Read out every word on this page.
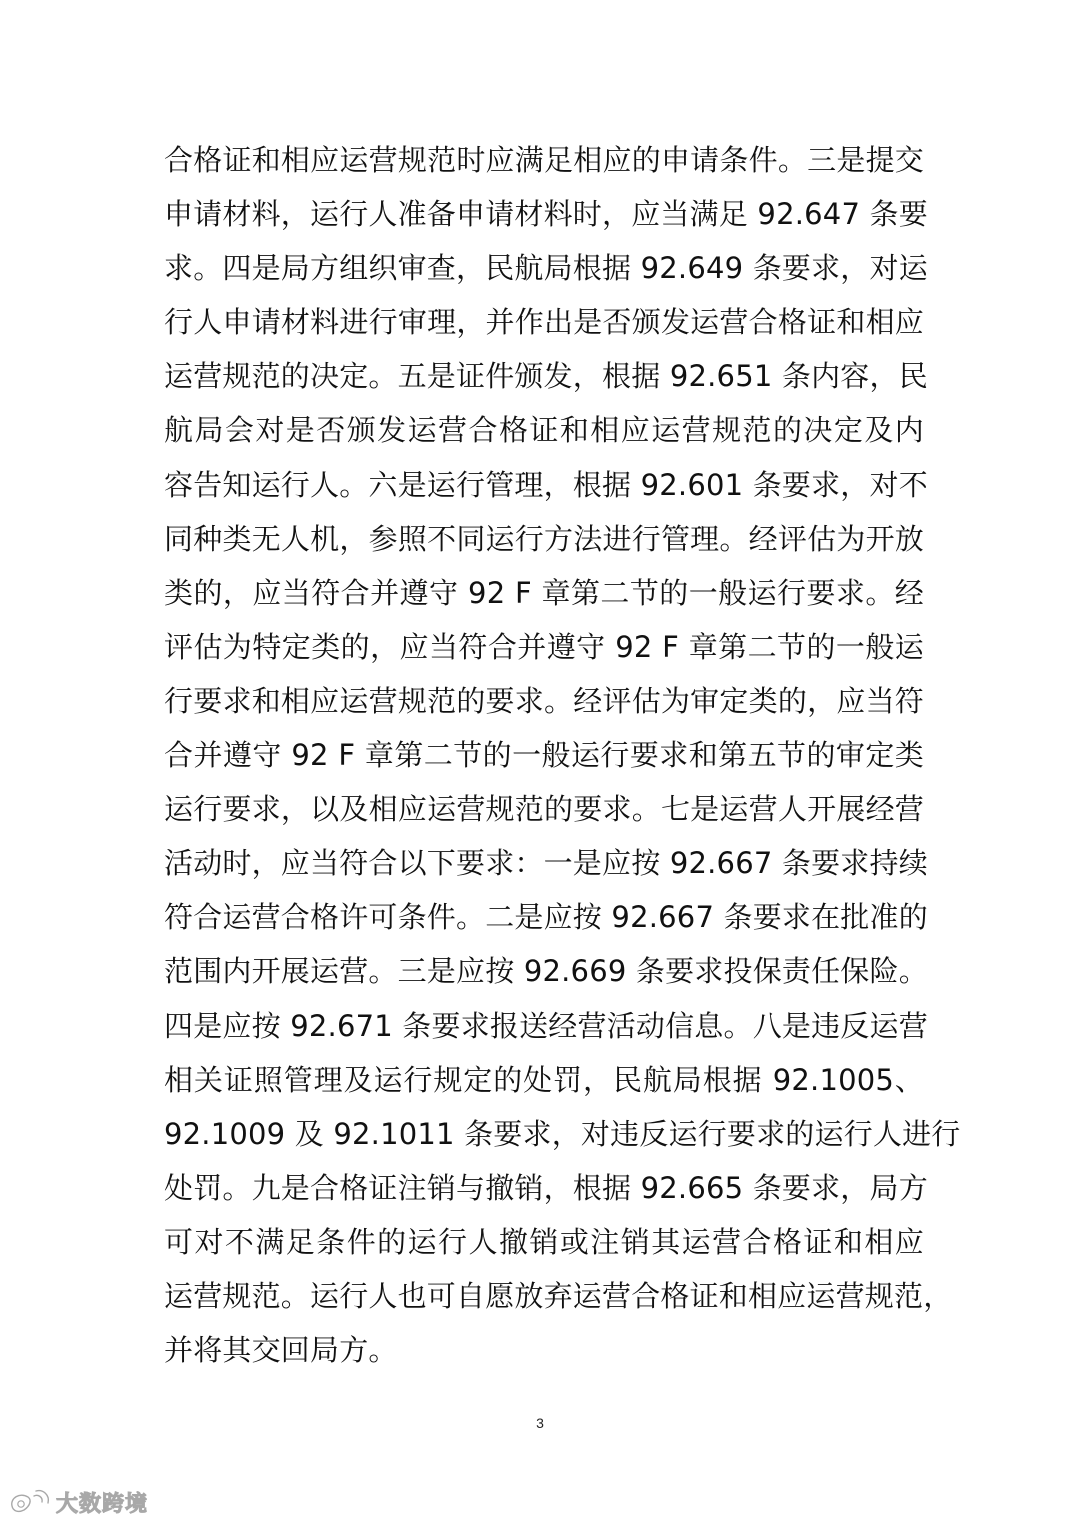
合格证和相应运营规范时应满足相应的申请条件。三是提交
申请材料，运行人准备申请材料时，应当满足 92.647 条要
求。四是局方组织审查，民航局根据 92.649 条要求，对运
行人申请材料进行审理，并作出是否颁发运营合格证和相应
运营规范的决定。五是证件颁发，根据 92.651 条内容，民
航局会对是否颁发运营合格证和相应运营规范的决定及内
容告知运行人。六是运行管理，根据 92.601 条要求，对不
同种类无人机，参照不同运行方法进行管理。经评估为开放
类的，应当符合并遵守 92 F 章第二节的一般运行要求。经
评估为特定类的，应当符合并遵守 92 F 章第二节的一般运
行要求和相应运营规范的要求。经评估为审定类的，应当符
合并遵守 92 F 章第二节的一般运行要求和第五节的审定类
运行要求，以及相应运营规范的要求。七是运营人开展经营
活动时，应当符合以下要求：一是应按 92.667 条要求持续
符合运营合格许可条件。二是应按 92.667 条要求在批准的
范围内开展运营。三是应按 92.669 条要求投保责任保险。
四是应按 92.671 条要求报送经营活动信息。八是违反运营
相关证照管理及运行规定的处罚，民航局根据 92.1005、
92.1009 及 92.1011 条要求，对违反运行要求的运行人进行
处罚。九是合格证注销与撤销，根据 92.665 条要求，局方
可对不满足条件的运行人撤销或注销其运营合格证和相应
运营规范。运行人也可自愿放弃运营合格证和相应运营规范，
并将其交回局方。
3
大数跨境
